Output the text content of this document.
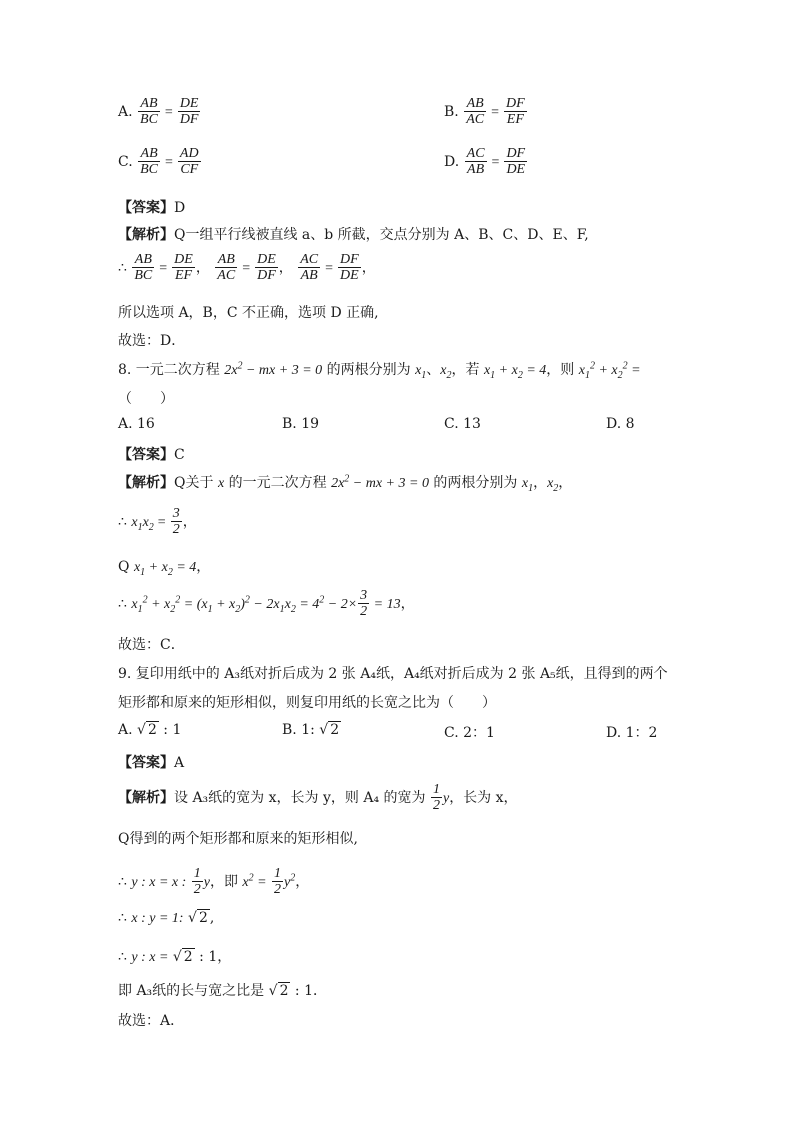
A. $\frac{AB}{BC} = \frac{DE}{DF}$	B. $\frac{AB}{AC} = \frac{DF}{EF}$
C. $\frac{AB}{BC} = \frac{AD}{CF}$	D. $\frac{AC}{AB} = \frac{DF}{DE}$
【答案】D
【解析】Q一组平行线被直线 a、b 所截，交点分别为 A、B、C、D、E、F,
∴ $\frac{AB}{BC} = \frac{DE}{EF}$ ， $\frac{AB}{AC} = \frac{DE}{DF}$ ， $\frac{AC}{AB} = \frac{DF}{DE}$ ，
所以选项 A，B，C 不正确，选项 D 正确,
故选：D．
8. 一元二次方程 $2x^2$ − mx + 3 = 0 的两根分别为 $x_1$、$x_2$，若 $x_1 + x_2 = 4$，则 $x_1^2 + x_2^2$ =
（　　）
A. 16	B. 19	C. 13	D. 8
【答案】C
【解析】Q关于 x 的一元二次方程 $2x^2$ − mx + 3 = 0 的两根分别为 $x_1$，$x_2$，
∴ $x_1x_2 = \frac{3}{2}$ ，
Q $x_1 + x_2 = 4$，
∴ $x_1^2 + x_2^2 = (x_1 + x_2)^2 - 2x_1x_2 = 4^2 - 2\times \frac{3}{2} = 13$，
故选：C．
9. 复印用纸中的 A₃纸对折后成为 2 张 A₄纸，A₄纸对折后成为 2 张 A₅纸，且得到的两个
矩形都和原来的矩形相似，则复印用纸的长宽之比为（　　）
A. √ 2 : 1	B. 1: √ 2	C. 2：1	D. 1：2
【答案】A
【解析】设 A₃纸的宽为 x，长为 y，则 A₄ 的宽为 $\frac{1}{2}$ y，长为 x，
Q得到的两个矩形都和原来的矩形相似,
∴ y : x = x : $\frac{1}{2}$ y，即 $x^2 = \frac{1}{2} y^2$，
∴ x : y = 1: √ 2 ,
∴ y : x = √ 2 : 1，
即 A₃纸的长与宽之比是 √ 2 : 1．
故选：A．
